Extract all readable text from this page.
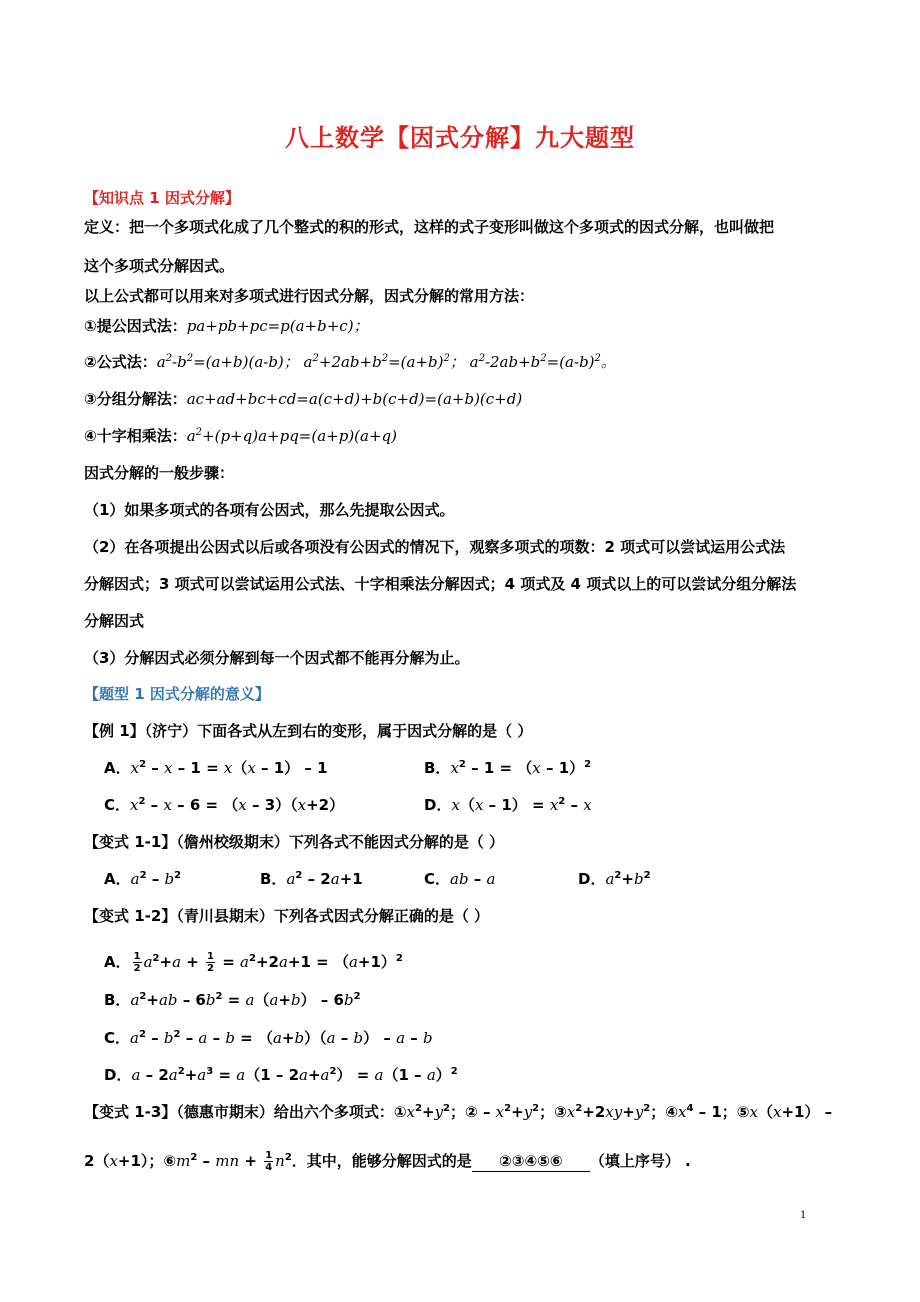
八上数学【因式分解】九大题型
【知识点 1 因式分解】
定义：把一个多项式化成了几个整式的积的形式，这样的式子变形叫做这个多项式的因式分解，也叫做把
这个多项式分解因式。
以上公式都可以用来对多项式进行因式分解，因式分解的常用方法：
①提公因式法：pa+pb+pc=p(a+b+c)；
②公式法：$a^2-b^2=(a+b)(a-b)$； $a^2+2ab+b^2=(a+b)^2$； $a^2-2ab+b^2=(a-b)^2$。
③分组分解法：ac+ad+bc+cd=a(c+d)+b(c+d)=(a+b)(c+d)
④十字相乘法：$a^2+(p+q)a+pq=(a+p)(a+q)$
因式分解的一般步骤：
（1）如果多项式的各项有公因式，那么先提取公因式。
（2）在各项提出公因式以后或各项没有公因式的情况下，观察多项式的项数：2 项式可以尝试运用公式法
分解因式；3 项式可以尝试运用公式法、十字相乘法分解因式；4 项式及 4 项式以上的可以尝试分组分解法
分解因式
（3）分解因式必须分解到每一个因式都不能再分解为止。
【题型 1 因式分解的意义】
【例 1】（济宁）下面各式从左到右的变形，属于因式分解的是（ ）
A．$x^2 - x - 1 = x(x - 1) - 1$	B．$x^2 - 1 = (x - 1)^2$
C．$x^2 - x - 6 = (x - 3)(x+2)$	D．$x(x - 1) = x^2 - x$
【变式 1-1】（儋州校级期末）下列各式不能因式分解的是（ ）
A．$a^2 - b^2$	B．$a^2 - 2a+1$	C．ab – a	D．$a^2+b^2$
【变式 1-2】（青川县期末）下列各式因式分解正确的是（ ）
A． $\frac{1}{2} a^2+a + \frac{1}{2} = a^2+2a+1 = (a+1)^2$
B．$a^2+ab - 6b^2 = a(a+b) - 6b^2$
C．$a^2 - b^2 - a - b = (a+b)(a - b) - a - b$
D．$a - 2a^2+a^3 = a(1 - 2a+a^2) = a(1 - a)^2$
【变式 1-3】（德惠市期末）给出六个多项式：$①x^2+y^2$；② – $x^2+y^2$；$③x^2+2xy+y^2$；$④x^4 - 1$；⑤x（x+1） –
2（x+1）；$⑥m^2$ – mn + $\frac{1}{4} n^2$．其中，能够分解因式的是 ②③④⑤⑥ （填上序号） .
1
